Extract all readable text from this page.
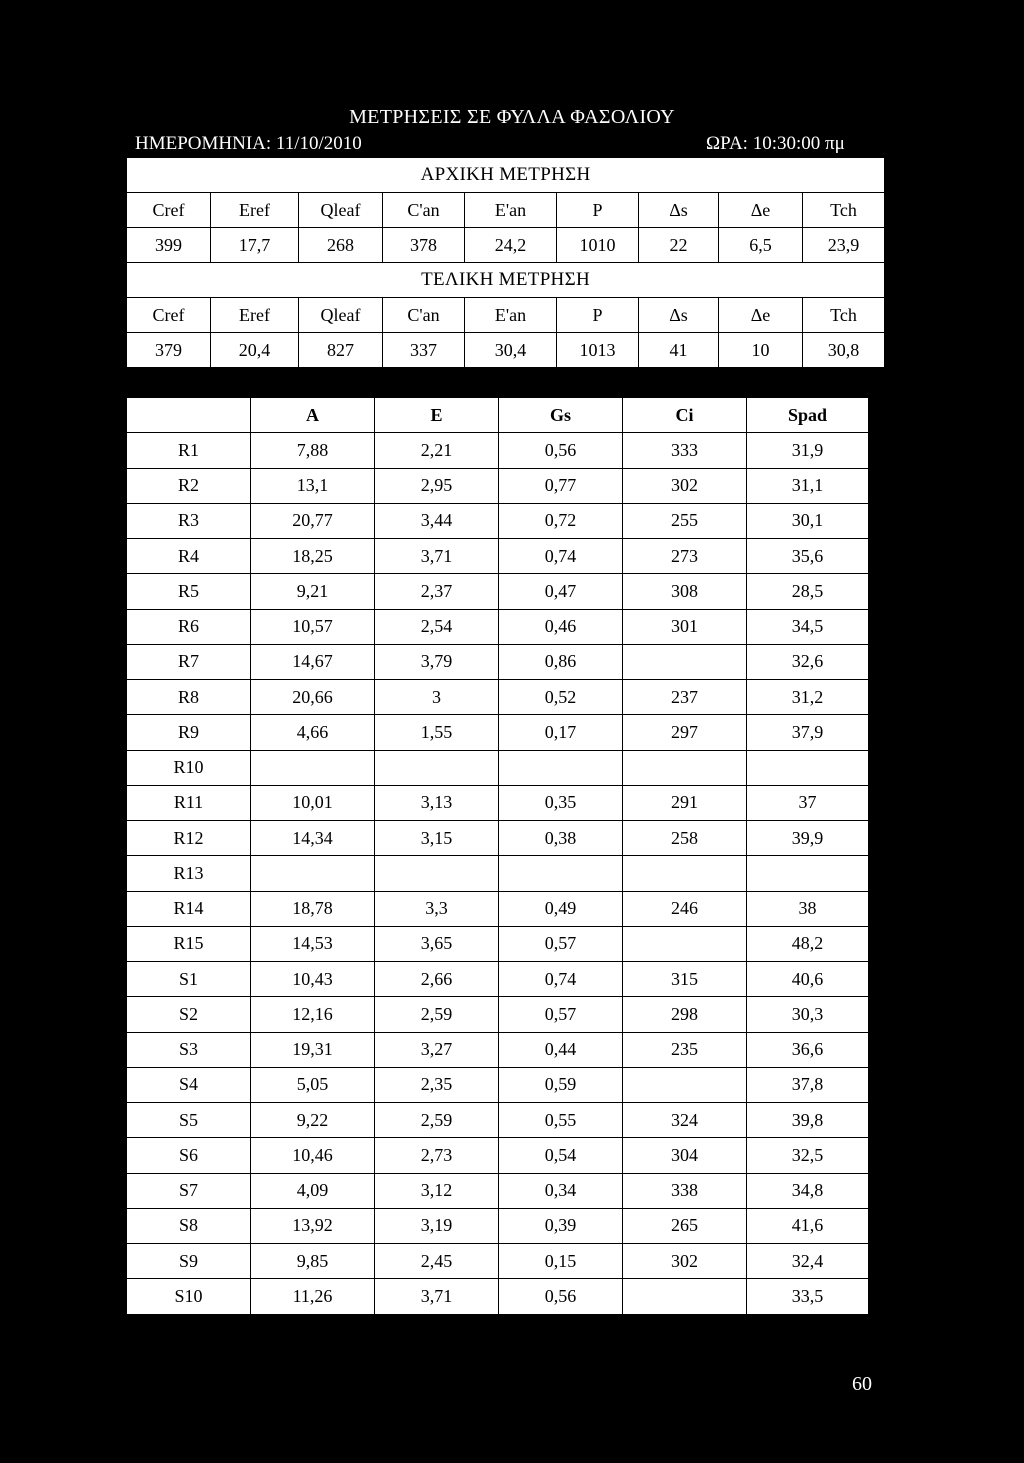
ΜΕΤΡΗΣΕΙΣ ΣΕ ΦΥΛΛΑ ΦΑΣΟΛΙΟΥ
ΗΜΕΡΟΜΗΝΙΑ: 11/10/2010	ΩΡΑ: 10:30:00 πμ
ΑΡΧΙΚΗ ΜΕΤΡΗΣΗ								
Cref	Eref	Qleaf	C'an	E'an	P	Δs	Δe	Tch
399	17,7	268	378	24,2	1010	22	6,5	23,9
ΤΕΛΙΚΗ ΜΕΤΡΗΣΗ								
Cref	Eref	Qleaf	C'an	E'an	P	Δs	Δe	Tch
379	20,4	827	337	30,4	1013	41	10	30,8
	A	E	Gs	Ci	Spad
R1	7,88	2,21	0,56	333	31,9
R2	13,1	2,95	0,77	302	31,1
R3	20,77	3,44	0,72	255	30,1
R4	18,25	3,71	0,74	273	35,6
R5	9,21	2,37	0,47	308	28,5
R6	10,57	2,54	0,46	301	34,5
R7	14,67	3,79	0,86		32,6
R8	20,66	3	0,52	237	31,2
R9	4,66	1,55	0,17	297	37,9
R10					
R11	10,01	3,13	0,35	291	37
R12	14,34	3,15	0,38	258	39,9
R13					
R14	18,78	3,3	0,49	246	38
R15	14,53	3,65	0,57		48,2
S1	10,43	2,66	0,74	315	40,6
S2	12,16	2,59	0,57	298	30,3
S3	19,31	3,27	0,44	235	36,6
S4	5,05	2,35	0,59		37,8
S5	9,22	2,59	0,55	324	39,8
S6	10,46	2,73	0,54	304	32,5
S7	4,09	3,12	0,34	338	34,8
S8	13,92	3,19	0,39	265	41,6
S9	9,85	2,45	0,15	302	32,4
S10	11,26	3,71	0,56		33,5
60
